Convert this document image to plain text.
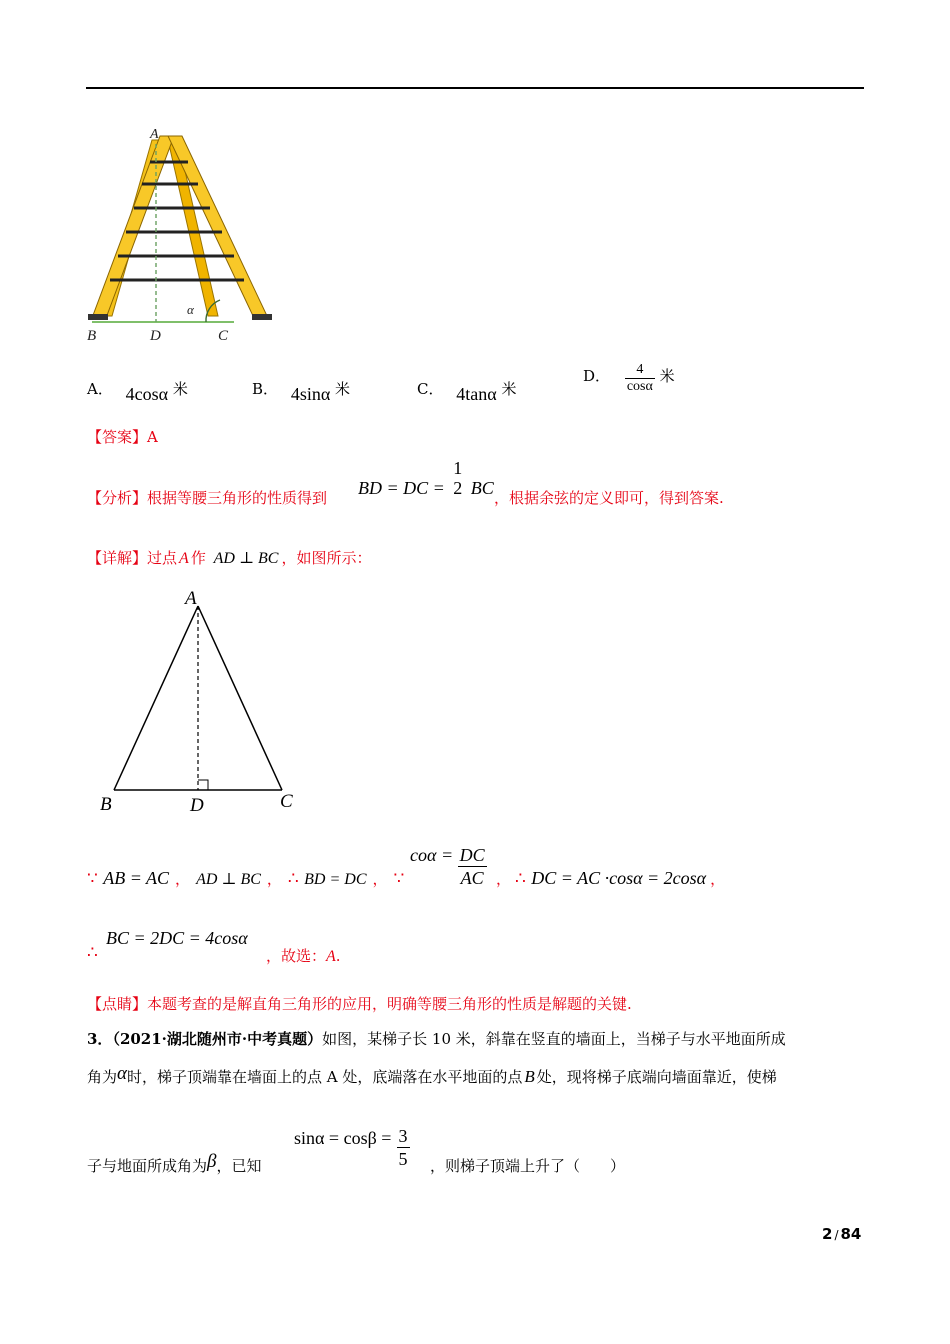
A
B	D	C
α
A． 4cosα 米	B． 4sinα 米	C． 4tanα 米
D． $\frac{4}{\cos\alpha}$ 米
【答案】A
【分析】根据等腰三角形的性质得到 BD = DC =
1
2 BC ，根据余弦的定义即可，得到答案.
【详解】过点 A 作 AD ⊥ BC ，如图所示：
A
B	D	C
∵ AB = AC ， AD ⊥ BC ， ∴ BD = DC ， ∵
$co\alpha = \frac{DC}{AC}$ ， ∴ DC = AC ·cosα = 2cosα ，
∴
BC = 2DC = 4cosα
，故选：A.
【点睛】本题考查的是解直角三角形的应用，明确等腰三角形的性质是解题的关键.
3．（2021·湖北随州市·中考真题）如图，某梯子长 10 米，斜靠在竖直的墙面上，当梯子与水平地面所成
角为α时，梯子顶端靠在墙面上的点 A 处，底端落在水平地面的点 B 处，现将梯子底端向墙面靠近，使梯
子与地面所成角为β，已知
$\sin\alpha = \cos\beta = \frac{3}{5}$ ，则梯子顶端上升了（　　）
2 / 84
